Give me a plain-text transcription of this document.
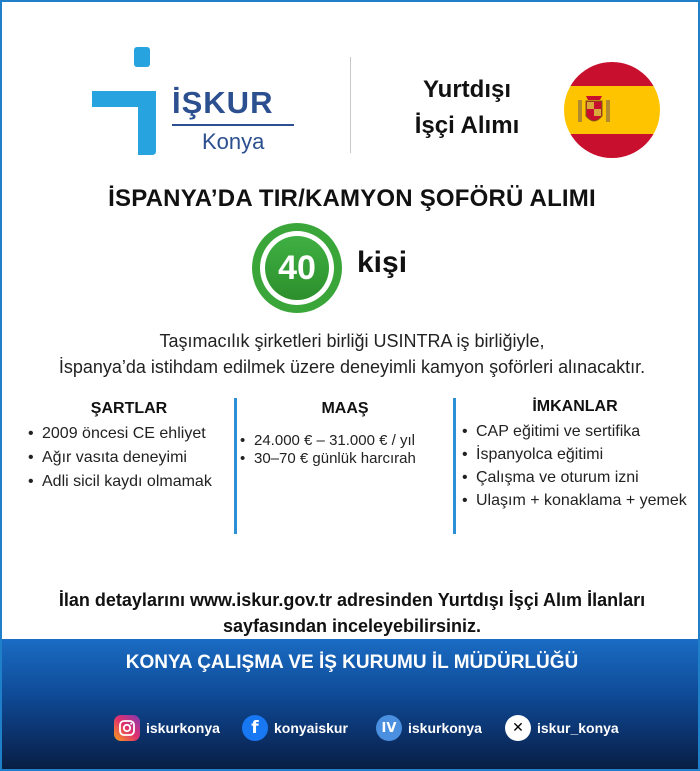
İŞKUR
Konya
Yurtdışı
İşçi Alımı
İSPANYA’DA TIR/KAMYON ŞOFÖRÜ ALIMI
40	kişi
Taşımacılık şirketleri birliği USINTRA iş birliğiyle,
İspanya’da istihdam edilmek üzere deneyimli kamyon şoförleri alınacaktır.
ŞARTLAR
• 2009 öncesi CE ehliyet
• Ağır vasıta deneyimi
• Adli sicil kaydı olmamak
MAAŞ
• 24.000 € – 31.000 € / yıl
• 30–70 € günlük harcırah
İMKANLAR
• CAP eğitimi ve sertifika
• İspanyolca eğitimi
• Çalışma ve oturum izni
• Ulaşım + konaklama + yemek
İlan detaylarını www.iskur.gov.tr adresinden Yurtdışı İşçi Alım İlanları
sayfasından inceleyebilirsiniz.
KONYA ÇALIŞMA VE İŞ KURUMU İL MÜDÜRLÜĞÜ
iskurkonya	f	konyaiskur	IV iskurkonya	✕ iskur_konya
